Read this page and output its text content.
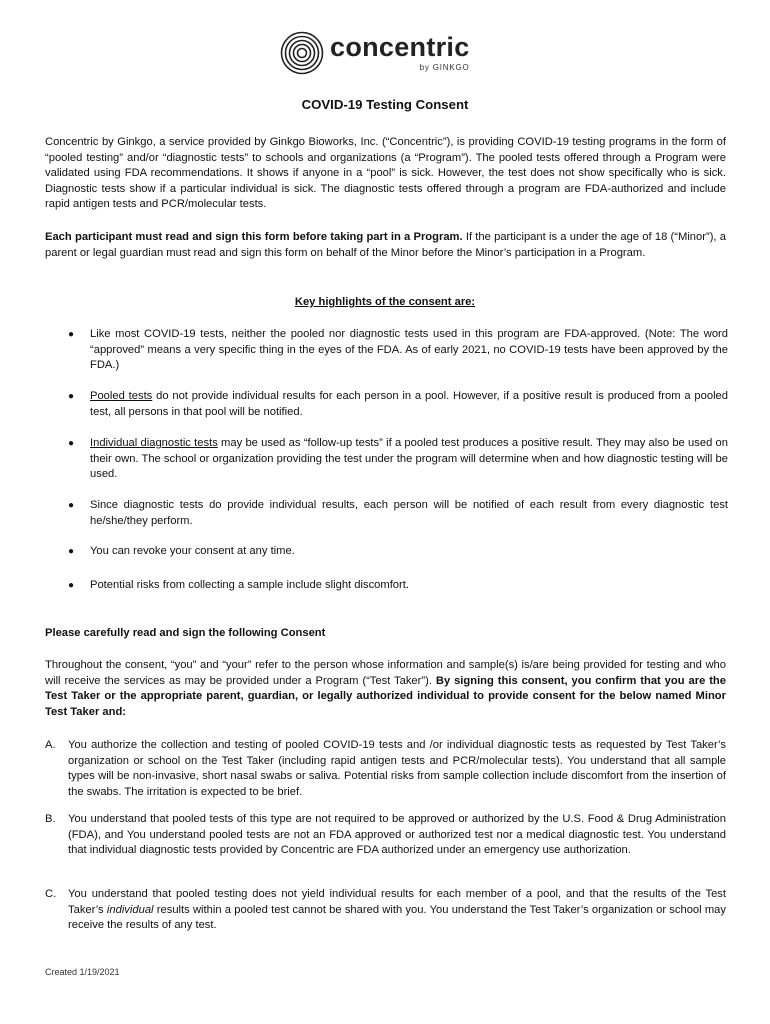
concentric
by GINKGO
COVID-19 Testing Consent

Concentric by Ginkgo, a service provided by Ginkgo Bioworks, Inc. (“Concentric”), is providing COVID-19 testing programs in the form of “pooled testing” and/or “diagnostic tests” to schools and organizations (a “Program”). The pooled tests offered through a Program were validated using FDA recommendations. It shows if anyone in a “pool” is sick. However, the test does not show specifically who is sick. Diagnostic tests show if a particular individual is sick. The diagnostic tests offered through a program are FDA-authorized and include rapid antigen tests and PCR/molecular tests.

Each participant must read and sign this form before taking part in a Program. If the participant is a under the age of 18 (“Minor”), a parent or legal guardian must read and sign this form on behalf of the Minor before the Minor’s participation in a Program.

Key highlights of the consent are:
●	Like most COVID-19 tests, neither the pooled nor diagnostic tests used in this program are FDA-approved. (Note: The word “approved” means a very specific thing in the eyes of the FDA. As of early 2021, no COVID-19 tests have been approved by the FDA.)
●	Pooled tests do not provide individual results for each person in a pool. However, if a positive result is produced from a pooled test, all persons in that pool will be notified.
●	Individual diagnostic tests may be used as “follow-up tests” if a pooled test produces a positive result. They may also be used on their own. The school or organization providing the test under the program will determine when and how diagnostic testing will be used.
●	Since diagnostic tests do provide individual results, each person will be notified of each result from every diagnostic test he/she/they perform.
●	You can revoke your consent at any time.
●	Potential risks from collecting a sample include slight discomfort.
Please carefully read and sign the following Consent

Throughout the consent, “you” and “your” refer to the person whose information and sample(s) is/are being provided for testing and who will receive the services as may be provided under a Program (“Test Taker”). By signing this consent, you confirm that you are the Test Taker or the appropriate parent, guardian, or legally authorized individual to provide consent for the below named Minor Test Taker and:

A.	You authorize the collection and testing of pooled COVID-19 tests and /or individual diagnostic tests as requested by Test Taker’s organization or school on the Test Taker (including rapid antigen tests and PCR/molecular tests). You understand that all sample types will be non-invasive, short nasal swabs or saliva. Potential risks from sample collection include discomfort from the insertion of the swabs. The irritation is expected to be brief.
B.	You understand that pooled tests of this type are not required to be approved or authorized by the U.S. Food & Drug Administration (FDA), and You understand pooled tests are not an FDA approved or authorized test nor a medical diagnostic test. You understand that individual diagnostic tests provided by Concentric are FDA authorized under an emergency use authorization.
C.	You understand that pooled testing does not yield individual results for each member of a pool, and that the results of the Test Taker’s individual results within a pooled test cannot be shared with you. You understand the Test Taker’s organization or school may receive the results of any test.
Created 1/19/2021
